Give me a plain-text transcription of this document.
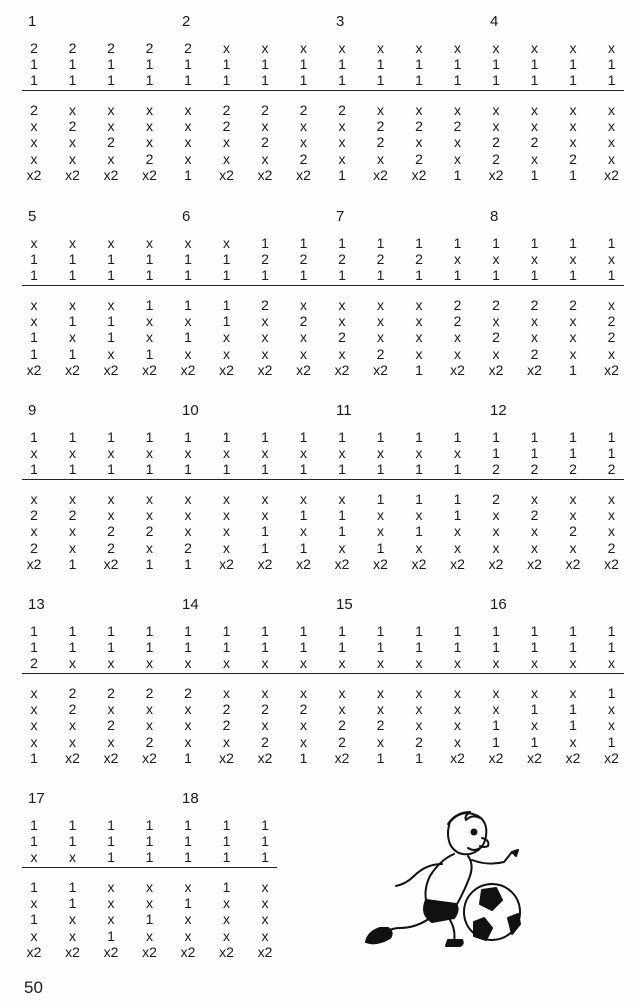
1	2	3	4
2	2	2	2	2	x	x	x	x	x	x	x	x	x	x	x
1	1	1	1	1	1	1	1	1	1	1	1	1	1	1	1
1	1	1	1	1	1	1	1	1	1	1	1	1	1	1	1
2	x	x	x	x	2	2	2	2	x	x	x	x	x	x	x
x	2	x	x	x	2	x	x	x	2	2	2	x	x	x	x
x	x	2	x	x	x	2	x	x	2	x	x	2	2	x	x
x	x	x	2	x	x	x	2	x	x	2	x	2	x	2	x
x2	x2	x2	x2	1	x2	x2	x2	1	x2	x2	1	x2	1	1	x2
5	6	7	8
x	x	x	x	x	x	1	1	1	1	1	1	1	1	1	1
1	1	1	1	1	1	2	2	2	2	2	x	x	x	x	x
1	1	1	1	1	1	1	1	1	1	1	1	1	1	1	1
x	x	x	1	1	1	2	x	x	x	x	2	2	2	2	x
x	1	1	x	x	1	x	2	x	x	x	2	x	x	x	2
1	x	1	x	1	x	x	x	2	x	x	x	2	x	x	2
1	1	x	1	x	x	x	x	x	2	x	x	x	2	x	x
x2	x2	x2	x2	x2	x2	x2	x2	x2	x2	1	x2	x2	x2	1	x2
9	10	11	12
1	1	1	1	1	1	1	1	1	1	1	1	1	1	1	1
x	x	x	x	x	x	x	x	x	x	x	x	1	1	1	1
1	1	1	1	1	1	1	1	1	1	1	1	2	2	2	2
x	x	x	x	x	x	x	x	x	1	1	1	2	x	x	x
2	2	x	x	x	x	x	1	1	x	x	1	x	2	x	x
x	x	2	2	x	x	1	x	1	x	1	x	x	x	2	x
2	x	2	x	2	x	1	1	x	1	x	x	x	x	x	2
x2	1	x2	1	1	x2	x2	x2	x2	x2	x2	x2	x2	x2	x2	x2
13	14	15	16
1	1	1	1	1	1	1	1	1	1	1	1	1	1	1	1
1	1	1	1	1	1	1	1	1	1	1	1	1	1	1	1
2	x	x	x	x	x	x	x	x	x	x	x	x	x	x	x
x	2	2	2	2	x	x	x	x	x	x	x	x	x	x	1
x	2	x	x	x	2	2	2	x	x	x	x	x	1	1	x
x	x	2	x	x	2	x	x	2	2	x	x	1	x	1	x
x	x	x	2	x	x	2	x	2	x	2	x	1	1	x	1
1	x2	x2	x2	1	x2	x2	1	x2	1	1	x2	x2	x2	x2	x2
17	18
1	1	1	1	1	1	1
1	1	1	1	1	1	1
x	x	1	1	1	1	1
1	1	x	x	x	1	x
x	1	x	x	1	x	x
1	x	x	1	x	x	x
x	x	1	x	x	x	x
x2	x2	x2	x2	x2	x2	x2
50
